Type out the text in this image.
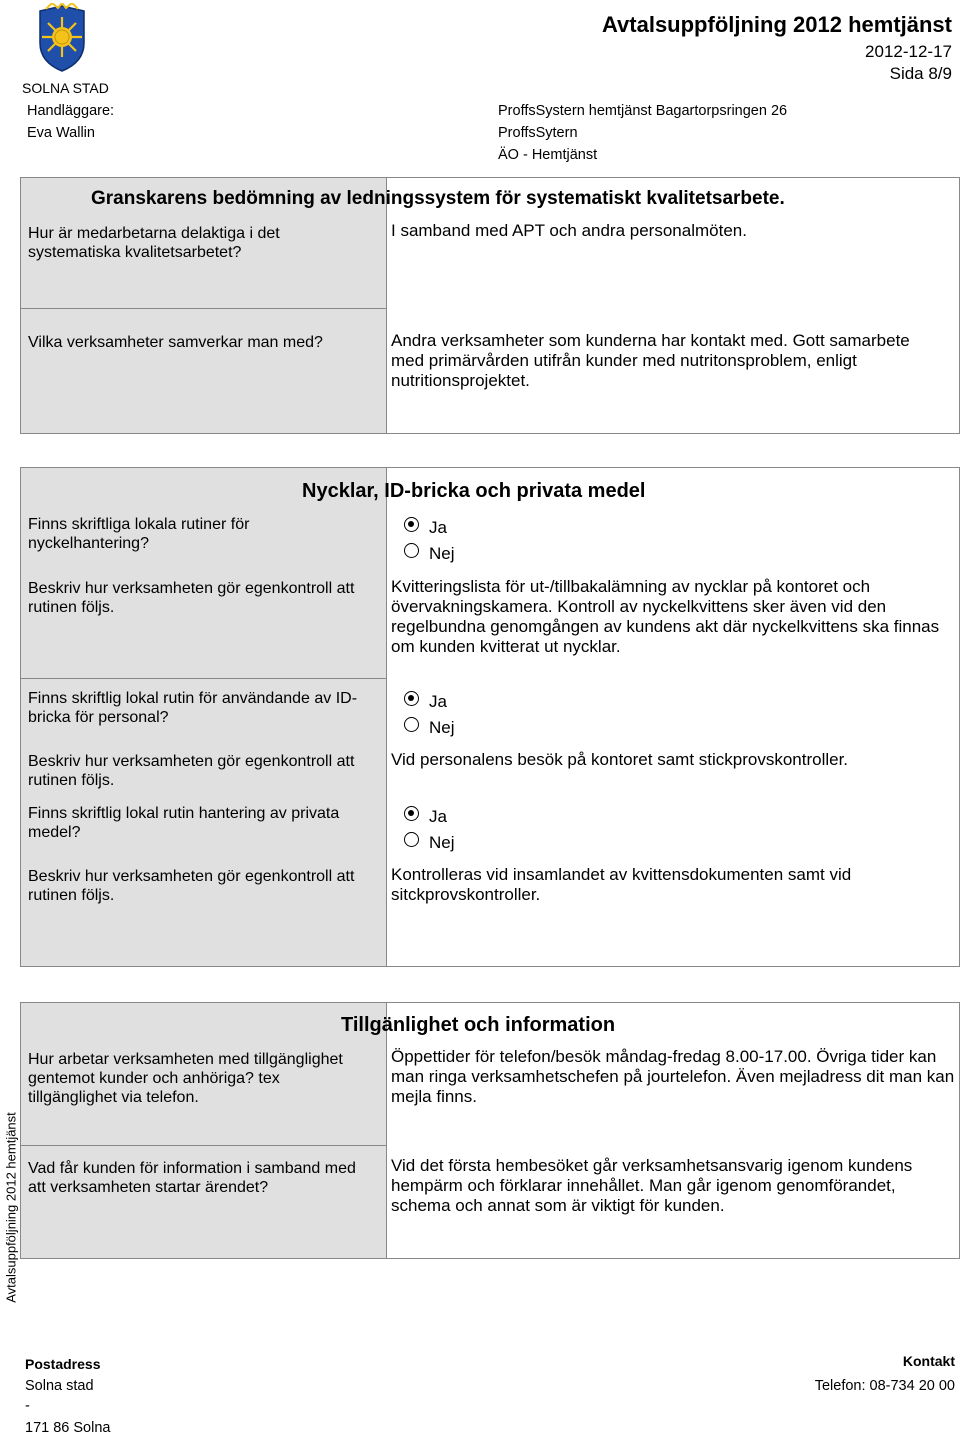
SOLNA STAD
Avtalsuppföljning 2012 hemtjänst
2012-12-17
Sida 8/9
Handläggare:
Eva Wallin
ProffsSystern hemtjänst Bagartorpsringen 26
ProffsSytern
ÄO - Hemtjänst
Granskarens bedömning av ledningssystem för systematiskt kvalitetsarbete.
Hur är medarbetarna delaktiga i det systematiska kvalitetsarbetet?
I samband med APT och andra personalmöten.
Vilka verksamheter samverkar man med?	Andra verksamheter som kunderna har kontakt med. Gott samarbete med primärvården utifrån kunder med nutritonsproblem, enligt nutritionsprojektet.
Nycklar, ID-bricka och privata medel
Finns skriftliga lokala rutiner för nyckelhantering?
Ja
Nej
Beskriv hur verksamheten gör egenkontroll att rutinen följs.
Kvitteringslista för ut-/tillbakalämning av nycklar på kontoret och övervakningskamera. Kontroll av nyckelkvittens sker även vid den regelbundna genomgången av kundens akt där nyckelkvittens ska finnas om kunden kvitterat ut nycklar.
Finns skriftlig lokal rutin för användande av ID-bricka för personal?
Ja
Nej
Beskriv hur verksamheten gör egenkontroll att rutinen följs.
Vid personalens besök på kontoret samt stickprovskontroller.
Finns skriftlig lokal rutin hantering av privata medel?
Ja
Nej
Beskriv hur verksamheten gör egenkontroll att rutinen följs.
Kontrolleras vid insamlandet av kvittensdokumenten samt vid sitckprovskontroller.
Tillgänlighet och information
Hur arbetar verksamheten med tillgänglighet gentemot kunder och anhöriga? tex tillgänglighet via telefon.
Öppettider för telefon/besök måndag-fredag 8.00-17.00. Övriga tider kan man ringa verksamhetschefen på jourtelefon. Även mejladress dit man kan mejla finns.
Vad får kunden för information i samband med att verksamheten startar ärendet?
Vid det första hembesöket går verksamhetsansvarig igenom kundens hempärm och förklarar innehållet. Man går igenom genomförandet, schema och annat som är viktigt för kunden.
Avtalsuppföljning 2012 hemtjänst
Postadress
Solna stad
-
171 86 Solna
Kontakt
Telefon: 08-734 20 00
